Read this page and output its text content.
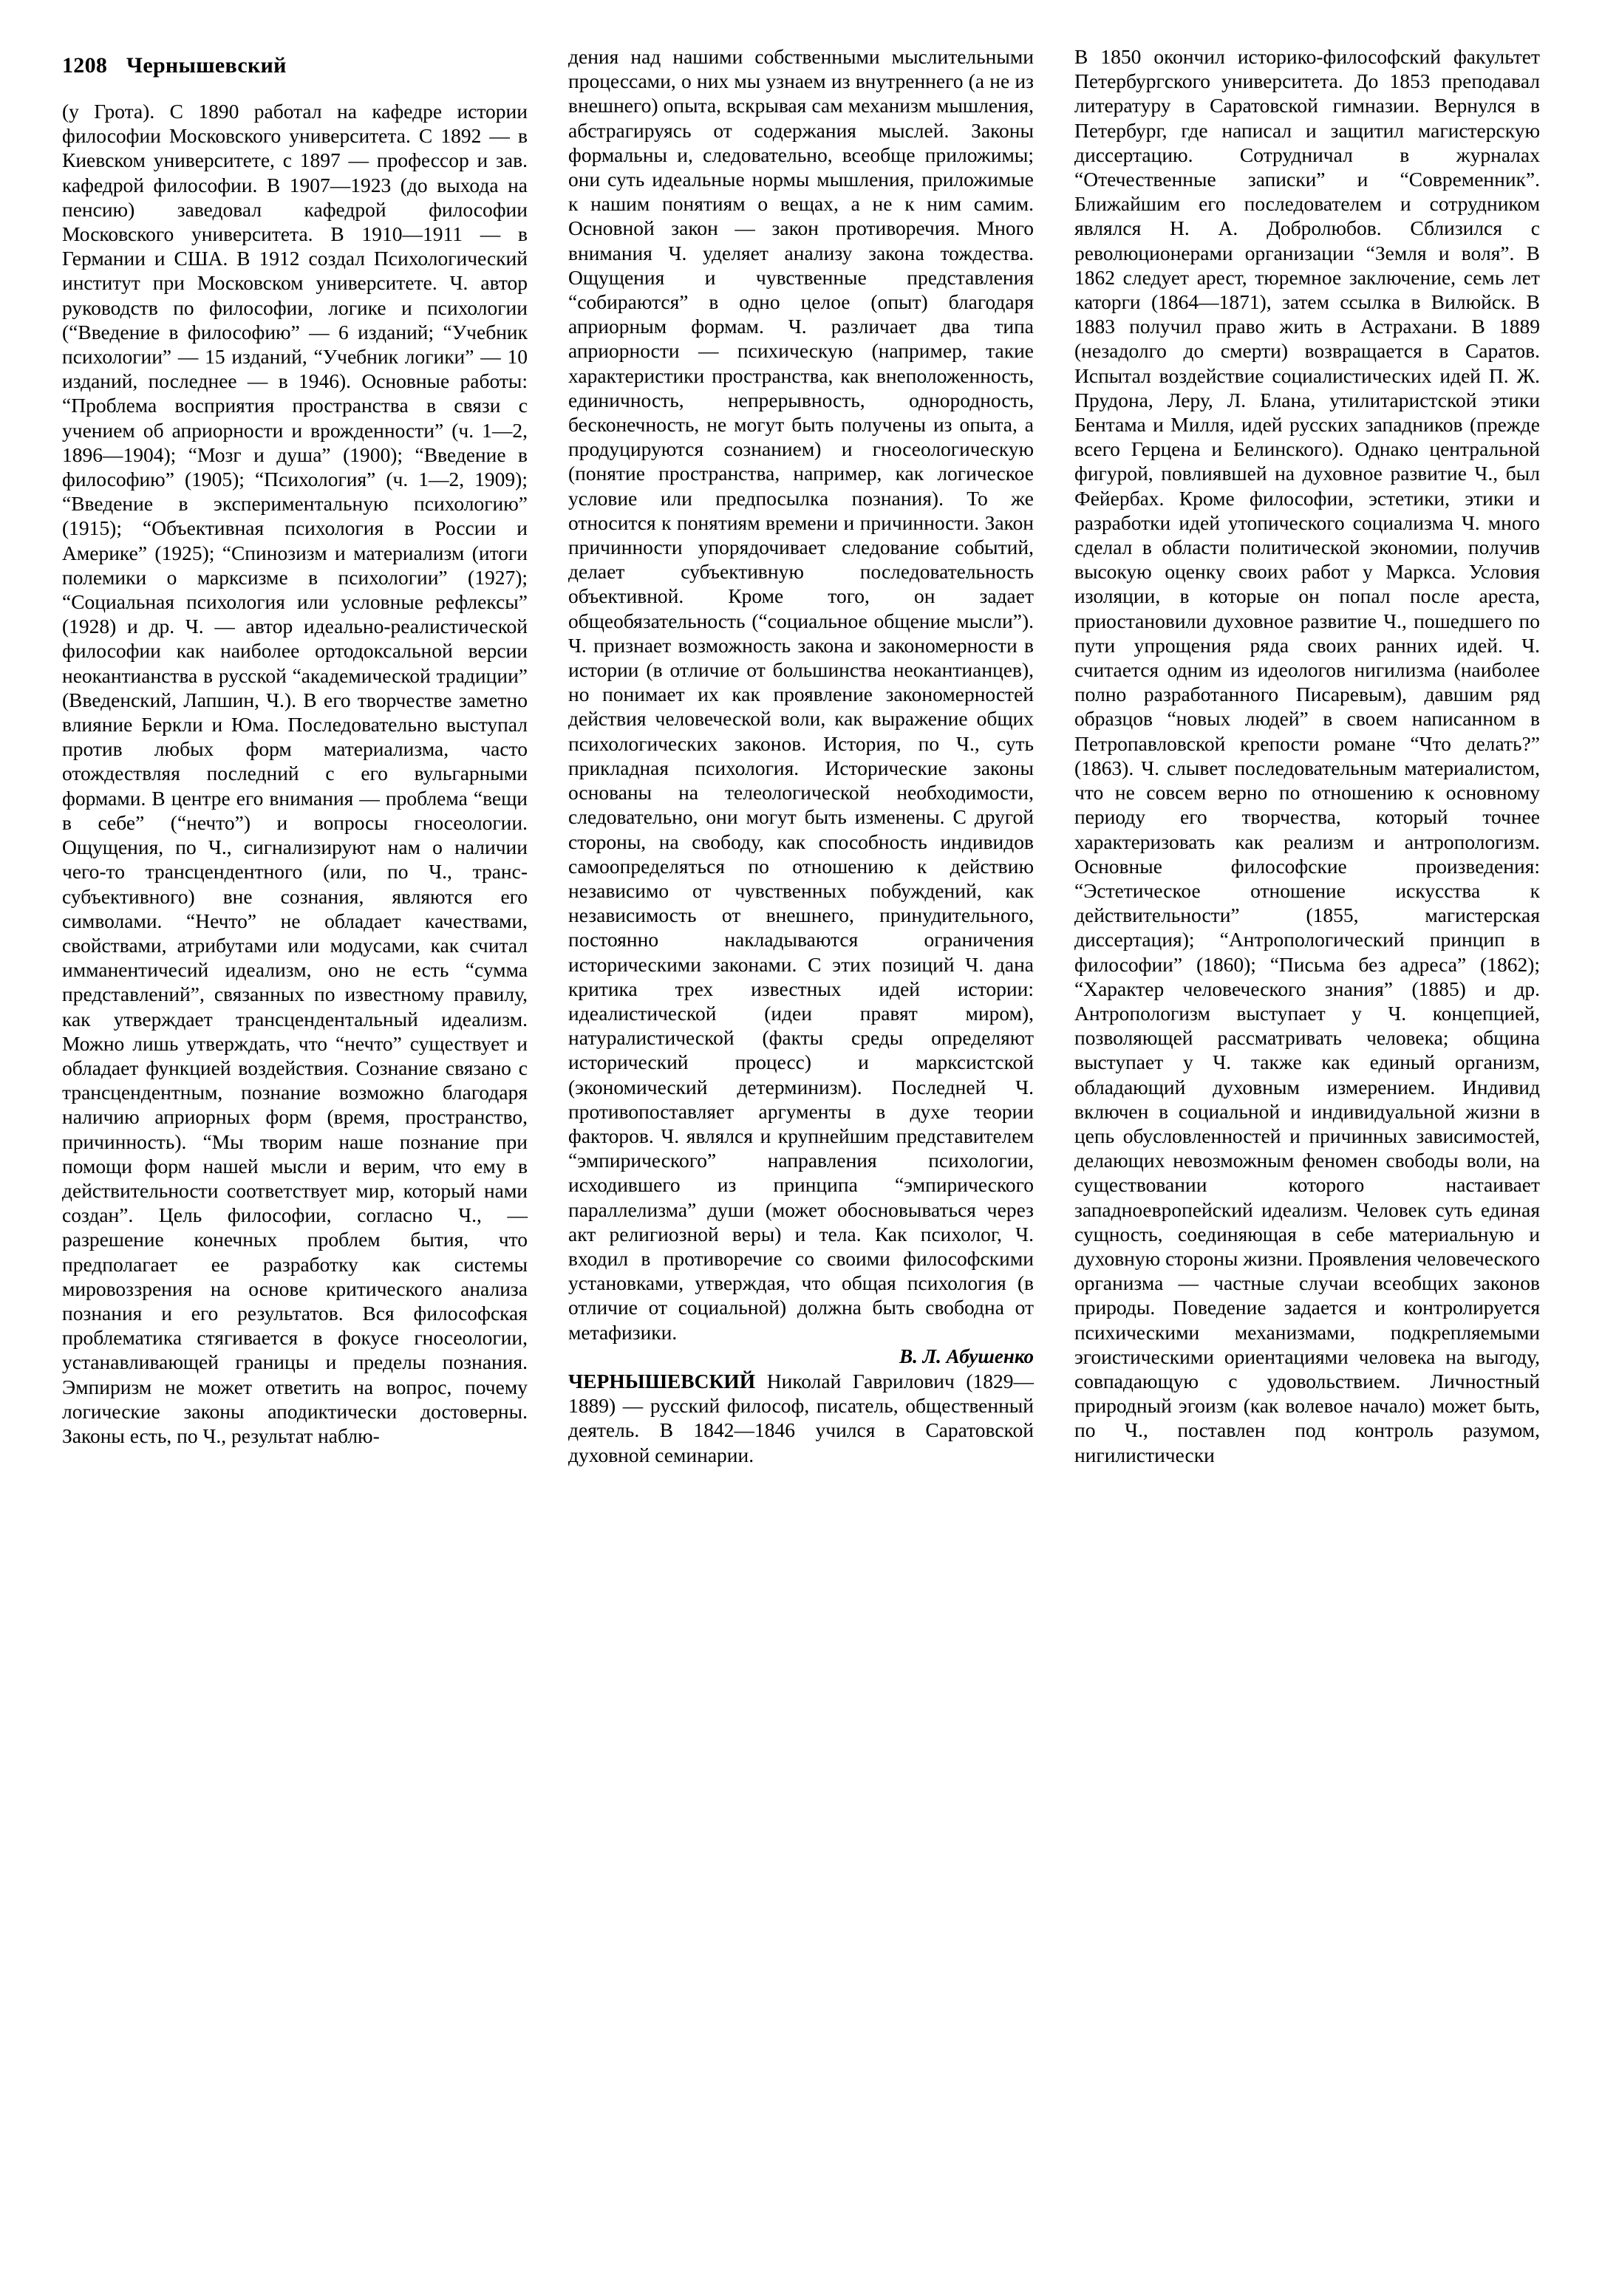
1208 Чернышевский

(у Грота). С 1890 работал на кафедре истории философии Московского университета. С 1892 — в Киевском университете, с 1897 — профессор и зав. кафедрой философии. В 1907—1923 (до выхода на пенсию) заведовал кафедрой философии Московского университета. В 1910—1911 — в Германии и США. В 1912 создал Психологический институт при Московском университете. Ч. автор руководств по философии, логике и психологии (“Введение в философию” — 6 изданий; “Учебник психологии” — 15 изданий, “Учебник логики” — 10 изданий, последнее — в 1946). Основные работы: “Проблема восприятия пространства в связи с учением об априорности и врожденности” (ч. 1—2, 1896—1904); “Мозг и душа” (1900); “Введение в философию” (1905); “Психология” (ч. 1—2, 1909); “Введение в экспериментальную психологию” (1915); “Объективная психология в России и Америке” (1925); “Спинозизм и материализм (итоги полемики о марксизме в психологии” (1927); “Социальная психология или условные рефлексы” (1928) и др. Ч. — автор идеально-реалистической философии как наиболее ортодоксальной версии неокантианства в русской “академической традиции” (Введенский, Лапшин, Ч.). В его творчестве заметно влияние Беркли и Юма. Последовательно выступал против любых форм материализма, часто отождествляя последний с его вульгарными формами. В центре его внимания — проблема “вещи в себе” (“нечто”) и вопросы гносеологии. Ощущения, по Ч., сигнализируют нам о наличии чего-то трансцендентного (или, по Ч., транс-субъективного) вне сознания, являются его символами. “Нечто” не обладает качествами, свойствами, атрибутами или модусами, как считал имманентичесий идеализм, оно не есть “сумма представлений”, связанных по известному правилу, как утверждает трансцендентальный идеализм. Можно лишь утверждать, что “нечто” существует и обладает функцией воздействия. Сознание связано с трансцендентным, познание возможно благодаря наличию априорных форм (время, пространство, причинность). “Мы творим наше познание при помощи форм нашей мысли и верим, что ему в действительности соответствует мир, который нами создан”. Цель философии, согласно Ч., — разрешение конечных проблем бытия, что предполагает ее разработку как системы мировоззрения на основе критического анализа познания и его результатов. Вся философская проблематика стягивается в фокусе гносеологии, устанавливающей границы и пределы познания. Эмпиризм не может ответить на вопрос, почему логические законы аподиктически достоверны. Законы есть, по Ч., результат наблю-

дения над нашими собственными мыслительными процессами, о них мы узнаем из внутреннего (а не из внешнего) опыта, вскрывая сам механизм мышления, абстрагируясь от содержания мыслей. Законы формальны и, следовательно, всеобще приложимы; они суть идеальные нормы мышления, приложимые к нашим понятиям о вещах, а не к ним самим. Основной закон — закон противоречия. Много внимания Ч. уделяет анализу закона тождества. Ощущения и чувственные представления “собираются” в одно целое (опыт) благодаря априорным формам. Ч. различает два типа априорности — психическую (например, такие характеристики пространства, как внеположенность, единичность, непрерывность, однородность, бесконечность, не могут быть получены из опыта, а продуцируются сознанием) и гносеологическую (понятие пространства, например, как логическое условие или предпосылка познания). То же относится к понятиям времени и причинности. Закон причинности упорядочивает следование событий, делает субъективную последовательность объективной. Кроме того, он задает общеобязательность (“социальное общение мысли”). Ч. признает возможность закона и закономерности в истории (в отличие от большинства неокантианцев), но понимает их как проявление закономерностей действия человеческой воли, как выражение общих психологических законов. История, по Ч., суть прикладная психология. Исторические законы основаны на телеологической необходимости, следовательно, они могут быть изменены. С другой стороны, на свободу, как способность индивидов самоопределяться по отношению к действию независимо от чувственных побуждений, как независимость от внешнего, принудительного, постоянно накладываются ограничения историческими законами. С этих позиций Ч. дана критика трех известных идей истории: идеалистической (идеи правят миром), натуралистической (факты среды определяют исторический процесс) и марксистской (экономический детерминизм). Последней Ч. противопоставляет аргументы в духе теории факторов. Ч. являлся и крупнейшим представителем “эмпирического” направления психологии, исходившего из принципа “эмпирического параллелизма” души (может обосновываться через акт религиозной веры) и тела. Как психолог, Ч. входил в противоречие со своими философскими установками, утверждая, что общая психология (в отличие от социальной) должна быть свободна от метафизики.

В. Л. Абушенко

ЧЕРНЫШЕВСКИЙ Николай Гаврилович (1829—1889) — русский философ, писатель, общественный деятель. В 1842—1846 учился в Саратовской духовной семинарии.

В 1850 окончил историко-философский факультет Петербургского университета. До 1853 преподавал литературу в Саратовской гимназии. Вернулся в Петербург, где написал и защитил магистерскую диссертацию. Сотрудничал в журналах “Отечественные записки” и “Современник”. Ближайшим его последователем и сотрудником являлся Н. А. Добролюбов. Сблизился с революционерами организации “Земля и воля”. В 1862 следует арест, тюремное заключение, семь лет каторги (1864—1871), затем ссылка в Вилюйск. В 1883 получил право жить в Астрахани. В 1889 (незадолго до смерти) возвращается в Саратов. Испытал воздействие социалистических идей П. Ж. Прудона, Леру, Л. Блана, утилитаристской этики Бентама и Милля, идей русских западников (прежде всего Герцена и Белинского). Однако центральной фигурой, повлиявшей на духовное развитие Ч., был Фейербах. Кроме философии, эстетики, этики и разработки идей утопического социализма Ч. много сделал в области политической экономии, получив высокую оценку своих работ у Маркса. Условия изоляции, в которые он попал после ареста, приостановили духовное развитие Ч., пошедшего по пути упрощения ряда своих ранних идей. Ч. считается одним из идеологов нигилизма (наиболее полно разработанного Писаревым), давшим ряд образцов “новых людей” в своем написанном в Петропавловской крепости романе “Что делать?” (1863). Ч. слывет последовательным материалистом, что не совсем верно по отношению к основному периоду его творчества, который точнее характеризовать как реализм и антропологизм. Основные философские произведения: “Эстетическое отношение искусства к действительности” (1855, магистерская диссертация); “Антропологический принцип в философии” (1860); “Письма без адреса” (1862); “Характер человеческого знания” (1885) и др. Антропологизм выступает у Ч. концепцией, позволяющей рассматривать человека; община выступает у Ч. также как единый организм, обладающий духовным измерением. Индивид включен в социальной и индивидуальной жизни в цепь обусловленностей и причинных зависимостей, делающих невозможным феномен свободы воли, на существовании которого настаивает западноевропейский идеализм. Человек суть единая сущность, соединяющая в себе материальную и духовную стороны жизни. Проявления человеческого организма — частные случаи всеобщих законов природы. Поведение задается и контролируется психическими механизмами, подкрепляемыми эгоистическими ориентациями человека на выгоду, совпадающую с удовольствием. Личностный природный эгоизм (как волевое начало) может быть, по Ч., поставлен под контроль разумом, нигилистически
